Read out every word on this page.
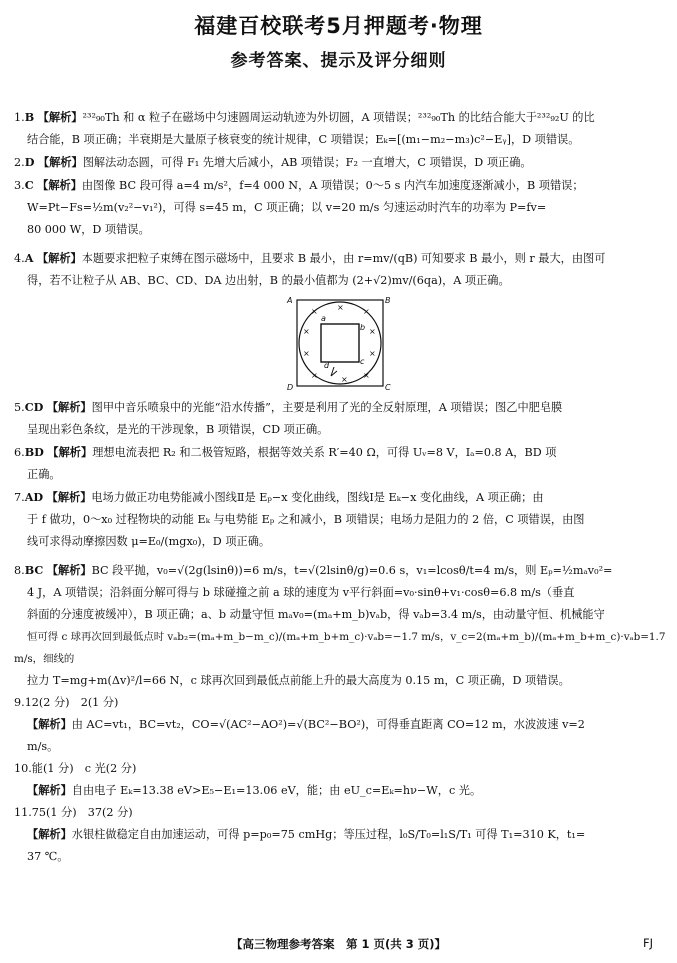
福建百校联考5月押题考·物理
参考答案、提示及评分细则
1.B 【解析】²³²₉₀Th 和 α 粒子在磁场中匀速圆周运动轨迹为外切圆，A 项错误；²³²₉₀Th 的比结合能大于²³²₉₂U 的比
结合能，B 项正确；半衰期是大量原子核衰变的统计规律，C 项错误；Eₖ=[(m₁−m₂−m₃)c²−Eᵧ]，D 项错误。
2.D 【解析】图解法动态圆，可得 F₁ 先增大后减小，AB 项错误；F₂ 一直增大，C 项错误，D 项正确。
3.C 【解析】由图像 BC 段可得 a=4 m/s²，f=4 000 N，A 项错误；0～5 s 内汽车加速度逐渐减小，B 项错误；
W=Pt−Fs=½m(v₂²−v₁²)，可得 s=45 m，C 项正确；以 v=20 m/s 匀速运动时汽车的功率为 P=fv=
80 000 W，D 项错误。
4.A 【解析】本题要求把粒子束缚在图示磁场中，且要求 B 最小，由 r=mv/(qB) 可知要求 B 最小，则 r 最大，由图可
得，若不让粒子从 AB、BC、CD、DA 边出射，B 的最小值都为 (2+√2)mv/(6qa)，A 项正确。
A	B
C
D
a
b
c
d
× × ×
×	×
×	×
×	× ×
5.CD 【解析】图甲中音乐喷泉中的光能“沿水传播”，主要是利用了光的全反射原理，A 项错误；图乙中肥皂膜
呈现出彩色条纹，是光的干涉现象，B 项错误，CD 项正确。
6.BD 【解析】理想电流表把 R₂ 和二极管短路，根据等效关系 R′=40 Ω，可得 Uᵥ=8 V，Iₐ=0.8 A，BD 项
正确。
7.AD 【解析】电场力做正功电势能减小图线Ⅱ是 Eₚ−x 变化曲线，图线Ⅰ是 Eₖ−x 变化曲线，A 项正确；由
于 f 做功，0～x₀ 过程物块的动能 Eₖ 与电势能 Eₚ 之和减小，B 项错误；电场力是阻力的 2 倍，C 项错误，由图
线可求得动摩擦因数 μ=E₀/(mgx₀)，D 项正确。
8.BC 【解析】BC 段平抛，v₀=√(2g(lsinθ))=6 m/s，t=√(2lsinθ/g)=0.6 s，v₁=lcosθ/t=4 m/s，则 Eₚ=½mₐv₀²=
4 J，A 项错误；沿斜面分解可得与 b 球碰撞之前 a 球的速度为 v平行斜面=v₀·sinθ+v₁·cosθ=6.8 m/s（垂直
斜面的分速度被缓冲），B 项正确；a、b 动量守恒 mₐv₀=(mₐ+m_b)vₐb，得 vₐb=3.4 m/s，由动量守恒、机械能守
恒可得 c 球再次回到最低点时 vₐb₂=(mₐ+m_b−m_c)/(mₐ+m_b+m_c)·vₐb=−1.7 m/s，v_c=2(mₐ+m_b)/(mₐ+m_b+m_c)·vₐb=1.7 m/s，细线的
拉力 T=mg+m(Δv)²/l=66 N，c 球再次回到最低点前能上升的最大高度为 0.15 m，C 项正确，D 项错误。
9.12(2 分)　2(1 分)
【解析】由 AC=vt₁，BC=vt₂，CO=√(AC²−AO²)=√(BC²−BO²)，可得垂直距离 CO=12 m，水波波速 v=2
m/s。
10.能(1 分)　c 光(2 分)
【解析】自由电子 Eₖ=13.38 eV>E₅−E₁=13.06 eV，能；由 eU_c=Eₖ=hν−W，c 光。
11.75(1 分)　37(2 分)
【解析】水银柱做稳定自由加速运动，可得 p=p₀=75 cmHg；等压过程，l₀S/T₀=l₁S/T₁ 可得 T₁=310 K，t₁=
37 ℃。
【高三物理参考答案　第 1 页(共 3 页)】	FJ
